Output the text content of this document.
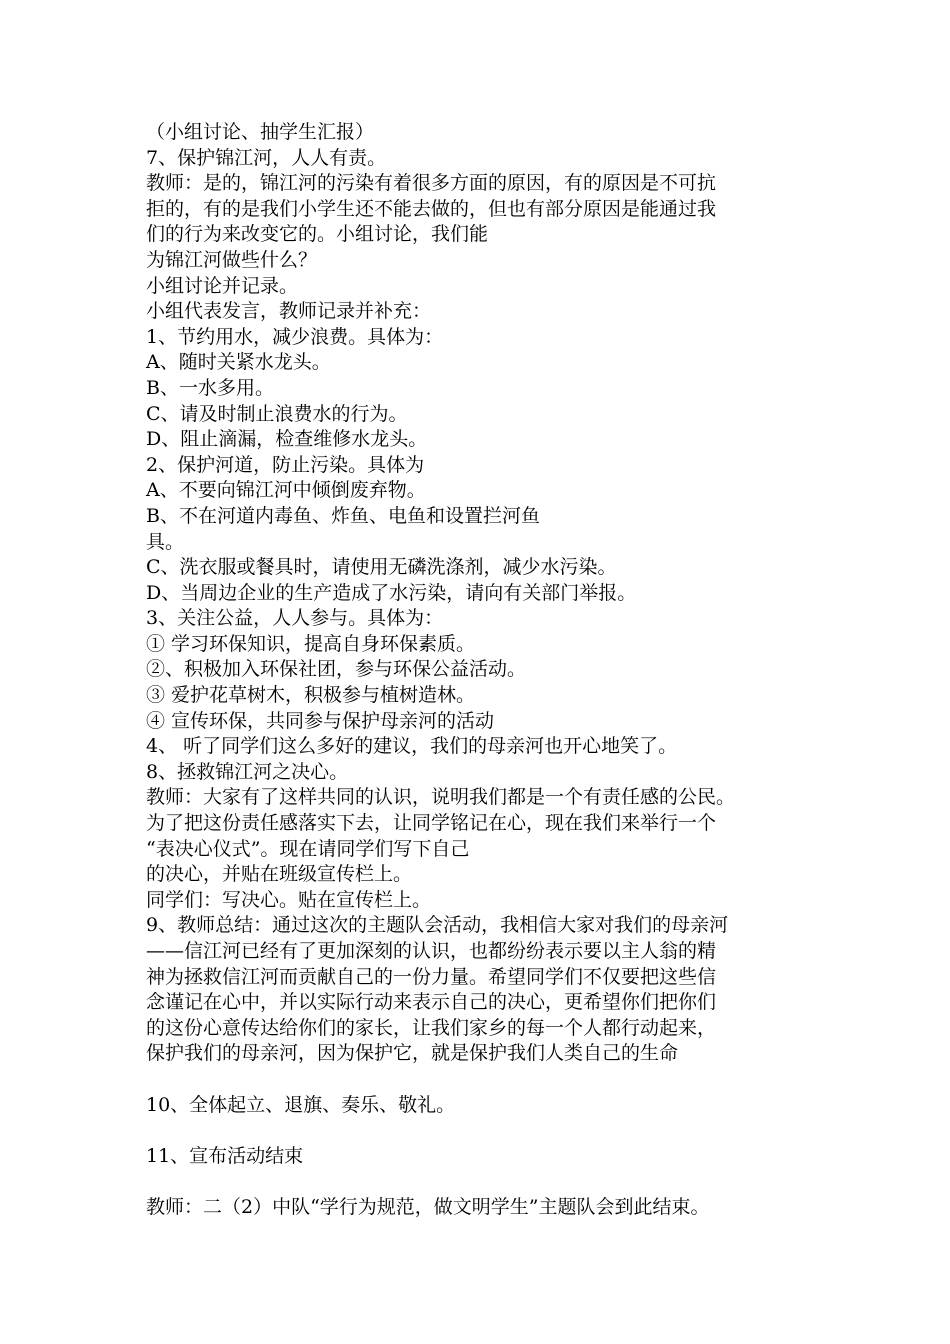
（小组讨论、抽学生汇报）
7、保护锦江河，人人有责。
教师：是的，锦江河的污染有着很多方面的原因，有的原因是不可抗
拒的，有的是我们小学生还不能去做的，但也有部分原因是能通过我
们的行为来改变它的。小组讨论，我们能
为锦江河做些什么？
小组讨论并记录。
小组代表发言，教师记录并补充：
1、节约用水，减少浪费。具体为：
A、随时关紧水龙头。
B、一水多用。
C、请及时制止浪费水的行为。
D、阻止滴漏，检查维修水龙头。
2、保护河道，防止污染。具体为
A、不要向锦江河中倾倒废弃物。
B、不在河道内毒鱼、炸鱼、电鱼和设置拦河鱼
具。
C、洗衣服或餐具时，请使用无磷洗涤剂，减少水污染。
D、当周边企业的生产造成了水污染，请向有关部门举报。
3、关注公益，人人参与。具体为：
① 学习环保知识，提高自身环保素质。
②、积极加入环保社团，参与环保公益活动。
③ 爱护花草树木，积极参与植树造林。
④ 宣传环保，共同参与保护母亲河的活动
4、 听了同学们这么多好的建议，我们的母亲河也开心地笑了。
8、拯救锦江河之决心。
教师：大家有了这样共同的认识，说明我们都是一个有责任感的公民。
为了把这份责任感落实下去，让同学铭记在心，现在我们来举行一个
“表决心仪式”。现在请同学们写下自己
的决心，并贴在班级宣传栏上。
同学们：写决心。贴在宣传栏上。
9、教师总结：通过这次的主题队会活动，我相信大家对我们的母亲河
——信江河已经有了更加深刻的认识，也都纷纷表示要以主人翁的精
神为拯救信江河而贡献自己的一份力量。希望同学们不仅要把这些信
念谨记在心中，并以实际行动来表示自己的决心，更希望你们把你们
的这份心意传达给你们的家长，让我们家乡的每一个人都行动起来，
保护我们的母亲河，因为保护它，就是保护我们人类自己的生命
10、全体起立、退旗、奏乐、敬礼。
11、宣布活动结束
教师：二（2）中队“学行为规范，做文明学生”主题队会到此结束。
